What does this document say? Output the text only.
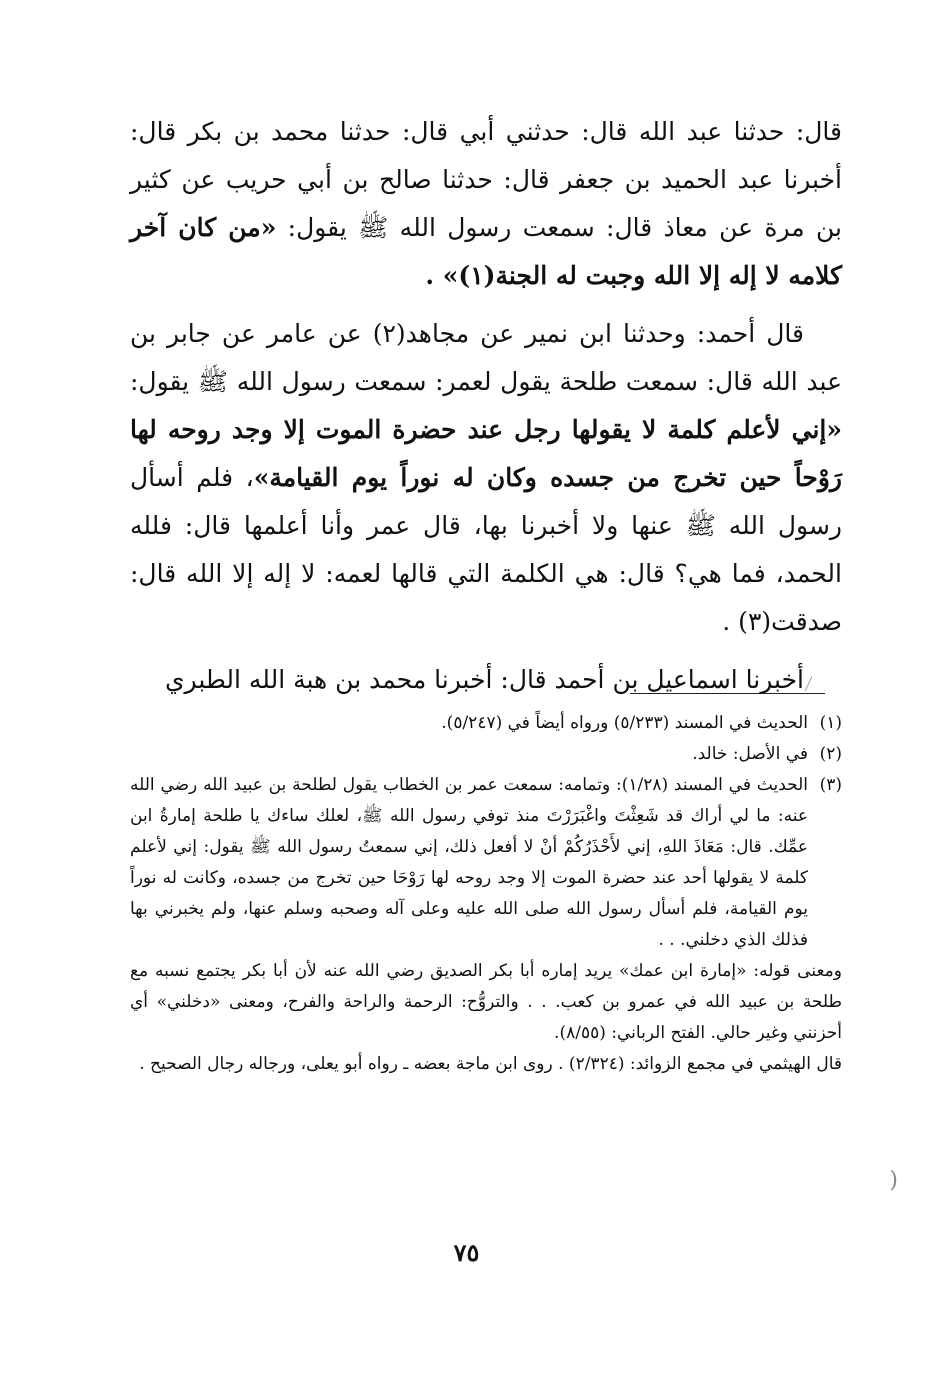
قال: حدثنا عبد الله قال: حدثني أبي قال: حدثنا محمد بن بكر قال: أخبرنا عبد الحميد بن جعفر قال: حدثنا صالح بن أبي حريب عن كثير بن مرة عن معاذ قال: سمعت رسول الله ﷺ يقول: «من كان آخر كلامه لا إله إلا الله وجبت له الجنة(١)» .

قال أحمد: وحدثنا ابن نمير عن مجاهد(٢) عن عامر عن جابر بن عبد الله قال: سمعت طلحة يقول لعمر: سمعت رسول الله ﷺ يقول: «إني لأعلم كلمة لا يقولها رجل عند حضرة الموت إلا وجد روحه لها رَوْحاً حين تخرج من جسده وكان له نوراً يوم القيامة»، فلم أسأل رسول الله ﷺ عنها ولا أخبرنا بها، قال عمر وأنا أعلمها قال: فلله الحمد، فما هي؟ قال: هي الكلمة التي قالها لعمه: لا إله إلا الله قال: صدقت(٣) .

أخبرنا اسماعيل بن أحمد قال: أخبرنا محمد بن هبة الله الطبري

(١)الحديث في المسند (٥/٢٣٣) ورواه أيضاً في (٥/٢٤٧).

(٢)في الأصل: خالد.

(٣)الحديث في المسند (١/٢٨): وتمامه: سمعت عمر بن الخطاب يقول لطلحة بن عبيد الله رضي الله عنه: ما لي أراك قد شَعِثْتَ واغْبَرَرْتَ منذ توفي رسول الله ﷺ، لعلك ساءك يا طلحة إمارةُ ابن عمِّك. قال: مَعَاذَ اللهِ، إني لأَحْذَرُكُمْ أنْ لا أفعل ذلك، إني سمعتُ رسول الله ﷺ يقول: إني لأعلم كلمة لا يقولها أحد عند حضرة الموت إلا وجد روحه لها رَوْحَا حين تخرج من جسده، وكانت له نوراً يوم القيامة، فلم أسأل رسول الله صلى الله عليه وعلى آله وصحبه وسلم عنها، ولم يخبرني بها فذلك الذي دخلني. . .

ومعنى قوله: «إمارة ابن عمك» يريد إماره أبا بكر الصديق رضي الله عنه لأن أبا بكر يجتمع نسبه مع طلحة بن عبيد الله في عمرو بن كعب. . . والتروُّح: الرحمة والراحة والفرح، ومعنى «دخلني» أي أحزنني وغير حالي. الفتح الرباني: (٨/٥٥).

قال الهيثمي في مجمع الزوائد: (٢/٣٢٤) . روى ابن ماجة بعضه ـ رواه أبو يعلى، ورجاله رجال الصحيح .

(
٧٥
